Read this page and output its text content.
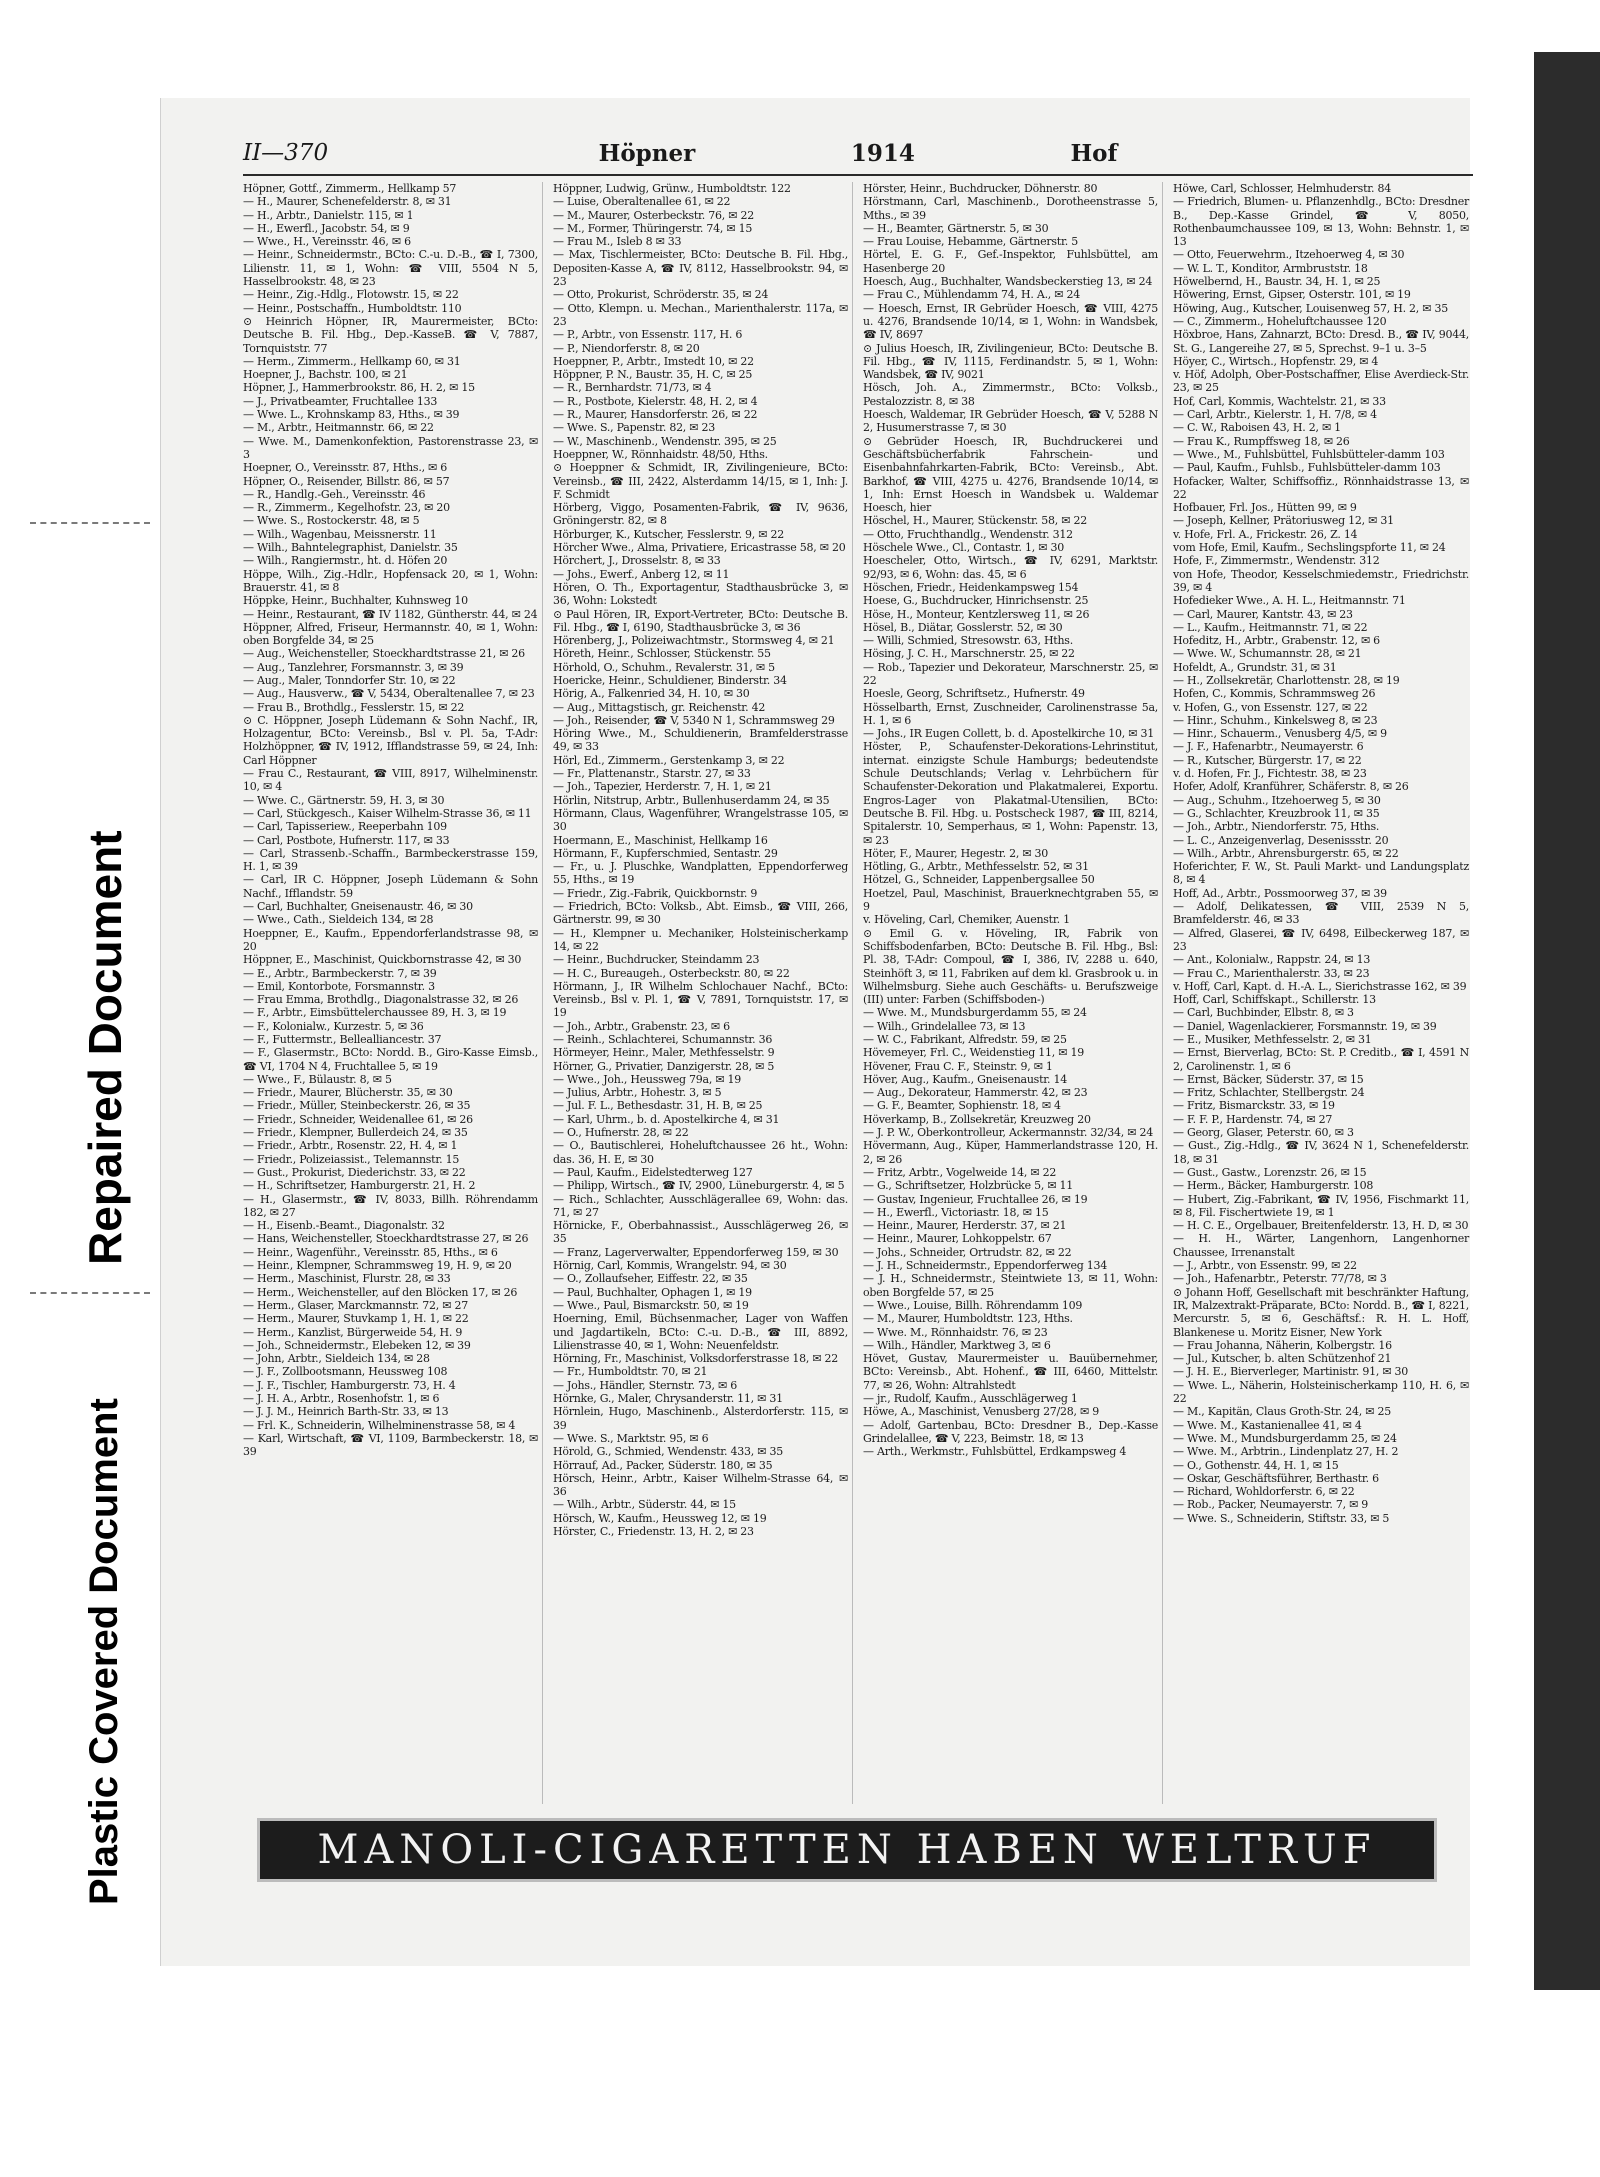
II—370	Höpner	1914	Hof
Höpner, Gottf., Zimmerm., Hellkamp 57
— H., Maurer, Schenefelderstr. 8, ✉ 31
— H., Arbtr., Danielstr. 115, ✉ 1
— H., Ewerfl., Jacobstr. 54, ✉ 9
— Wwe., H., Vereinsstr. 46, ✉ 6
— Heinr., Schneidermstr., BCto: C.-u. D.-B., ☎ I, 7300, Lilienstr. 11, ✉ 1, Wohn: ☎ VIII, 5504 N 5, Hasselbrookstr. 48, ✉ 23
— Heinr., Zig.-Hdlg., Flotowstr. 15, ✉ 22
— Heinr., Postschaffn., Humboldtstr. 110
⊙ Heinrich Höpner, IR, Maurermeister, BCto: Deutsche B. Fil. Hbg., Dep.-KasseB. ☎ V, 7887, Tornquiststr. 77
— Herm., Zimmerm., Hellkamp 60, ✉ 31
Hoepner, J., Bachstr. 100, ✉ 21
Höpner, J., Hammerbrookstr. 86, H. 2, ✉ 15
— J., Privatbeamter, Fruchtallee 133
— Wwe. L., Krohnskamp 83, Hths., ✉ 39
— M., Arbtr., Heitmannstr. 66, ✉ 22
— Wwe. M., Damenkonfektion, Pastorenstrasse 23, ✉ 3
Hoepner, O., Vereinsstr. 87, Hths., ✉ 6
Höpner, O., Reisender, Billstr. 86, ✉ 57
— R., Handlg.-Geh., Vereinsstr. 46
— R., Zimmerm., Kegelhofstr. 23, ✉ 20
— Wwe. S., Rostockerstr. 48, ✉ 5
— Wilh., Wagenbau, Meissnerstr. 11
— Wilh., Bahntelegraphist, Danielstr. 35
— Wilh., Rangiermstr., ht. d. Höfen 20
Höppe, Wilh., Zig.-Hdlr., Hopfensack 20, ✉ 1, Wohn: Brauerstr. 41, ✉ 8
Höppke, Heinr., Buchhalter, Kuhnsweg 10
— Heinr., Restaurant, ☎ IV 1182, Güntherstr. 44, ✉ 24
Höppner, Alfred, Friseur, Hermannstr. 40, ✉ 1, Wohn: oben Borgfelde 34, ✉ 25
— Aug., Weichensteller, Stoeckhardtstrasse 21, ✉ 26
— Aug., Tanzlehrer, Forsmannstr. 3, ✉ 39
— Aug., Maler, Tonndorfer Str. 10, ✉ 22
— Aug., Hausverw., ☎ V, 5434, Oberaltenallee 7, ✉ 23
— Frau B., Brothdlg., Fesslerstr. 15, ✉ 22
⊙ C. Höppner, Joseph Lüdemann & Sohn Nachf., IR, Holzagentur, BCto: Vereinsb., Bsl v. Pl. 5a, T-Adr: Holzhöppner, ☎ IV, 1912, Ifflandstrasse 59, ✉ 24, Inh: Carl Höppner
— Frau C., Restaurant, ☎ VIII, 8917, Wilhelminenstr. 10, ✉ 4
— Wwe. C., Gärtnerstr. 59, H. 3, ✉ 30
— Carl, Stückgesch., Kaiser Wilhelm-Strasse 36, ✉ 11
— Carl, Tapisseriew., Reeperbahn 109
— Carl, Postbote, Hufnerstr. 117, ✉ 33
— Carl, Strassenb.-Schaffn., Barmbeckerstrasse 159, H. 1, ✉ 39
— Carl, IR C. Höppner, Joseph Lüdemann & Sohn Nachf., Ifflandstr. 59
— Carl, Buchhalter, Gneisenaustr. 46, ✉ 30
— Wwe., Cath., Sieldeich 134, ✉ 28
Hoeppner, E., Kaufm., Eppendorferlandstrasse 98, ✉ 20
Höppner, E., Maschinist, Quickbornstrasse 42, ✉ 30
— E., Arbtr., Barmbeckerstr. 7, ✉ 39
— Emil, Kontorbote, Forsmannstr. 3
— Frau Emma, Brothdlg., Diagonalstrasse 32, ✉ 26
— F., Arbtr., Eimsbüttelerchaussee 89, H. 3, ✉ 19
— F., Kolonialw., Kurzestr. 5, ✉ 36
— F., Futtermstr., Bellealliancestr. 37
— F., Glasermstr., BCto: Nordd. B., Giro-Kasse Eimsb., ☎ VI, 1704 N 4, Fruchtallee 5, ✉ 19
— Wwe., F., Bülaustr. 8, ✉ 5
— Friedr., Maurer, Blücherstr. 35, ✉ 30
— Friedr., Müller, Steinbeckerstr. 26, ✉ 35
— Friedr., Schneider, Weidenallee 61, ✉ 26
— Friedr., Klempner, Bullerdeich 24, ✉ 35
— Friedr., Arbtr., Rosenstr. 22, H. 4, ✉ 1
— Friedr., Polizeiassist., Telemannstr. 15
— Gust., Prokurist, Diederichstr. 33, ✉ 22
— H., Schriftsetzer, Hamburgerstr. 21, H. 2
— H., Glasermstr., ☎ IV, 8033, Billh. Röhrendamm 182, ✉ 27
— H., Eisenb.-Beamt., Diagonalstr. 32
— Hans, Weichensteller, Stoeckhardtstrasse 27, ✉ 26
— Heinr., Wagenführ., Vereinsstr. 85, Hths., ✉ 6
— Heinr., Klempner, Schrammsweg 19, H. 9, ✉ 20
— Herm., Maschinist, Flurstr. 28, ✉ 33
— Herm., Weichensteller, auf den Blöcken 17, ✉ 26
— Herm., Glaser, Marckmannstr. 72, ✉ 27
— Herm., Maurer, Stuvkamp 1, H. 1, ✉ 22
— Herm., Kanzlist, Bürgerweide 54, H. 9
— Joh., Schneidermstr., Elebeken 12, ✉ 39
— John, Arbtr., Sieldeich 134, ✉ 28
— J. F., Zollbootsmann, Heussweg 108
— J. F., Tischler, Hamburgerstr. 73, H. 4
— J. H. A., Arbtr., Rosenhofstr. 1, ✉ 6
— J. J. M., Heinrich Barth-Str. 33, ✉ 13
— Frl. K., Schneiderin, Wilhelminenstrasse 58, ✉ 4
— Karl, Wirtschaft, ☎ VI, 1109, Barmbeckerstr. 18, ✉ 39
Höppner, Ludwig, Grünw., Humboldtstr. 122
— Luise, Oberaltenallee 61, ✉ 22
— M., Maurer, Osterbeckstr. 76, ✉ 22
— M., Former, Thüringerstr. 74, ✉ 15
— Frau M., Isleb 8 ✉ 33
— Max, Tischlermeister, BCto: Deutsche B. Fil. Hbg., Depositen-Kasse A, ☎ IV, 8112, Hasselbrookstr. 94, ✉ 23
— Otto, Prokurist, Schröderstr. 35, ✉ 24
— Otto, Klempn. u. Mechan., Marienthalerstr. 117a, ✉ 23
— P., Arbtr., von Essenstr. 117, H. 6
— P., Niendorferstr. 8, ✉ 20
Hoeppner, P., Arbtr., Imstedt 10, ✉ 22
Höppner, P. N., Baustr. 35, H. C, ✉ 25
— R., Bernhardstr. 71/73, ✉ 4
— R., Postbote, Kielerstr. 48, H. 2, ✉ 4
— R., Maurer, Hansdorferstr. 26, ✉ 22
— Wwe. S., Papenstr. 82, ✉ 23
— W., Maschinenb., Wendenstr. 395, ✉ 25
Hoeppner, W., Rönnhaidstr. 48/50, Hths.
⊙ Hoeppner & Schmidt, IR, Zivilingenieure, BCto: Vereinsb., ☎ III, 2422, Alsterdamm 14/15, ✉ 1, Inh: J. F. Schmidt
Hörberg, Viggo, Posamenten-Fabrik, ☎ IV, 9636, Gröningerstr. 82, ✉ 8
Hörburger, K., Kutscher, Fesslerstr. 9, ✉ 22
Hörcher Wwe., Alma, Privatiere, Ericastrasse 58, ✉ 20
Hörchert, J., Drosselstr. 8, ✉ 33
— Johs., Ewerf., Anberg 12, ✉ 11
Hören, O. Th., Exportagentur, Stadthausbrücke 3, ✉ 36, Wohn: Lokstedt
⊙ Paul Hören, IR, Export-Vertreter, BCto: Deutsche B. Fil. Hbg., ☎ I, 6190, Stadthausbrücke 3, ✉ 36
Hörenberg, J., Polizeiwachtmstr., Stormsweg 4, ✉ 21
Höreth, Heinr., Schlosser, Stückenstr. 55
Hörhold, O., Schuhm., Revalerstr. 31, ✉ 5
Hoericke, Heinr., Schuldiener, Binderstr. 34
Hörig, A., Falkenried 34, H. 10, ✉ 30
— Aug., Mittagstisch, gr. Reichenstr. 42
— Joh., Reisender, ☎ V, 5340 N 1, Schrammsweg 29
Höring Wwe., M., Schuldienerin, Bramfelderstrasse 49, ✉ 33
Hörl, Ed., Zimmerm., Gerstenkamp 3, ✉ 22
— Fr., Plattenanstr., Starstr. 27, ✉ 33
— Joh., Tapezier, Herderstr. 7, H. 1, ✉ 21
Hörlin, Nitstrup, Arbtr., Bullenhuserdamm 24, ✉ 35
Hörmann, Claus, Wagenführer, Wrangelstrasse 105, ✉ 30
Hoermann, E., Maschinist, Hellkamp 16
Hörmann, F., Kupferschmied, Sentastr. 29
— Fr., u. J. Pluschke, Wandplatten, Eppendorferweg 55, Hths., ✉ 19
— Friedr., Zig.-Fabrik, Quickbornstr. 9
— Friedrich, BCto: Volksb., Abt. Eimsb., ☎ VIII, 266, Gärtnerstr. 99, ✉ 30
— H., Klempner u. Mechaniker, Holsteinischerkamp 14, ✉ 22
— Heinr., Buchdrucker, Steindamm 23
— H. C., Bureaugeh., Osterbeckstr. 80, ✉ 22
Hörmann, J., IR Wilhelm Schlochauer Nachf., BCto: Vereinsb., Bsl v. Pl. 1, ☎ V, 7891, Tornquiststr. 17, ✉ 19
— Joh., Arbtr., Grabenstr. 23, ✉ 6
— Reinh., Schlachterei, Schumannstr. 36
Hörmeyer, Heinr., Maler, Methfesselstr. 9
Hörner, G., Privatier, Danzigerstr. 28, ✉ 5
— Wwe., Joh., Heussweg 79a, ✉ 19
— Julius, Arbtr., Hohestr. 3, ✉ 5
— Jul. F. L., Bethesdastr. 31, H. B, ✉ 25
— Karl, Uhrm., b. d. Apostelkirche 4, ✉ 31
— O., Hufnerstr. 28, ✉ 22
— O., Bautischlerei, Hoheluftchaussee 26 ht., Wohn: das. 36, H. E, ✉ 30
— Paul, Kaufm., Eidelstedterweg 127
— Philipp, Wirtsch., ☎ IV, 2900, Lüneburgerstr. 4, ✉ 5
— Rich., Schlachter, Ausschlägerallee 69, Wohn: das. 71, ✉ 27
Hörnicke, F., Oberbahnassist., Ausschlägerweg 26, ✉ 35
— Franz, Lagerverwalter, Eppendorferweg 159, ✉ 30
Hörnig, Carl, Kommis, Wrangelstr. 94, ✉ 30
— O., Zollaufseher, Eiffestr. 22, ✉ 35
— Paul, Buchhalter, Ophagen 1, ✉ 19
— Wwe., Paul, Bismarckstr. 50, ✉ 19
Hoerning, Emil, Büchsenmacher, Lager von Waffen und Jagdartikeln, BCto: C.-u. D.-B., ☎ III, 8892, Lilienstrasse 40, ✉ 1, Wohn: Neuenfeldstr.
Hörning, Fr., Maschinist, Volksdorferstrasse 18, ✉ 22
— Fr., Humboldtstr. 70, ✉ 21
— Johs., Händler, Sternstr. 73, ✉ 6
Hörnke, G., Maler, Chrysanderstr. 11, ✉ 31
Hörnlein, Hugo, Maschinenb., Alsterdorferstr. 115, ✉ 39
— Wwe. S., Marktstr. 95, ✉ 6
Hörold, G., Schmied, Wendenstr. 433, ✉ 35
Hörrauf, Ad., Packer, Süderstr. 180, ✉ 35
Hörsch, Heinr., Arbtr., Kaiser Wilhelm-Strasse 64, ✉ 36
— Wilh., Arbtr., Süderstr. 44, ✉ 15
Hörsch, W., Kaufm., Heussweg 12, ✉ 19
Hörster, C., Friedenstr. 13, H. 2, ✉ 23
Hörster, Heinr., Buchdrucker, Döhnerstr. 80
Hörstmann, Carl, Maschinenb., Dorotheenstrasse 5, Mths., ✉ 39
— H., Beamter, Gärtnerstr. 5, ✉ 30
— Frau Louise, Hebamme, Gärtnerstr. 5
Hörtel, E. G. F., Gef.-Inspektor, Fuhlsbüttel, am Hasenberge 20
Hoesch, Aug., Buchhalter, Wandsbeckerstieg 13, ✉ 24
— Frau C., Mühlendamm 74, H. A., ✉ 24
— Hoesch, Ernst, IR Gebrüder Hoesch, ☎ VIII, 4275 u. 4276, Brandsende 10/14, ✉ 1, Wohn: in Wandsbek, ☎ IV, 8697
⊙ Julius Hoesch, IR, Zivilingenieur, BCto: Deutsche B. Fil. Hbg., ☎ IV, 1115, Ferdinandstr. 5, ✉ 1, Wohn: Wandsbek, ☎ IV, 9021
Hösch, Joh. A., Zimmermstr., BCto: Volksb., Pestalozzistr. 8, ✉ 38
Hoesch, Waldemar, IR Gebrüder Hoesch, ☎ V, 5288 N 2, Husumerstrasse 7, ✉ 30
⊙ Gebrüder Hoesch, IR, Buchdruckerei und Geschäftsbücherfabrik Fahrschein- und Eisenbahnfahrkarten-Fabrik, BCto: Vereinsb., Abt. Barkhof, ☎ VIII, 4275 u. 4276, Brandsende 10/14, ✉ 1, Inh: Ernst Hoesch in Wandsbek u. Waldemar Hoesch, hier
Höschel, H., Maurer, Stückenstr. 58, ✉ 22
— Otto, Fruchthandlg., Wendenstr. 312
Höschele Wwe., Cl., Contastr. 1, ✉ 30
Hoescheler, Otto, Wirtsch., ☎ IV, 6291, Marktstr. 92/93, ✉ 6, Wohn: das. 45, ✉ 6
Höschen, Friedr., Heidenkampsweg 154
Hoese, G., Buchdrucker, Hinrichsenstr. 25
Höse, H., Monteur, Kentzlersweg 11, ✉ 26
Hösel, B., Diätar, Gosslerstr. 52, ✉ 30
— Willi, Schmied, Stresowstr. 63, Hths.
Hösing, J. C. H., Marschnerstr. 25, ✉ 22
— Rob., Tapezier und Dekorateur, Marschnerstr. 25, ✉ 22
Hoesle, Georg, Schriftsetz., Hufnerstr. 49
Hösselbarth, Ernst, Zuschneider, Carolinenstrasse 5a, H. 1, ✉ 6
— Johs., IR Eugen Collett, b. d. Apostelkirche 10, ✉ 31
Höster, P., Schaufenster-Dekorations-Lehrinstitut, internat. einzigste Schule Hamburgs; bedeutendste Schule Deutschlands; Verlag v. Lehrbüchern für Schaufenster-Dekoration und Plakatmalerei, Exportu. Engros-Lager von Plakatmal-Utensilien, BCto: Deutsche B. Fil. Hbg. u. Postscheck 1987, ☎ III, 8214, Spitalerstr. 10, Semperhaus, ✉ 1, Wohn: Papenstr. 13, ✉ 23
Höter, F., Maurer, Hegestr. 2, ✉ 30
Hötling, G., Arbtr., Methfesselstr. 52, ✉ 31
Hötzel, G., Schneider, Lappenbergsallee 50
Hoetzel, Paul, Maschinist, Brauerknechtgraben 55, ✉ 9
v. Höveling, Carl, Chemiker, Auenstr. 1
⊙ Emil G. v. Höveling, IR, Fabrik von Schiffsbodenfarben, BCto: Deutsche B. Fil. Hbg., Bsl: Pl. 38, T-Adr: Compoul, ☎ I, 386, IV, 2288 u. 640, Steinhöft 3, ✉ 11, Fabriken auf dem kl. Grasbrook u. in Wilhelmsburg. Siehe auch Geschäfts- u. Berufszweige (III) unter: Farben (Schiffsboden-)
— Wwe. M., Mundsburgerdamm 55, ✉ 24
— Wilh., Grindelallee 73, ✉ 13
— W. C., Fabrikant, Alfredstr. 59, ✉ 25
Hövemeyer, Frl. C., Weidenstieg 11, ✉ 19
Hövener, Frau C. F., Steinstr. 9, ✉ 1
Höver, Aug., Kaufm., Gneisenaustr. 14
— Aug., Dekorateur, Hammerstr. 42, ✉ 23
— G. F., Beamter, Sophienstr. 18, ✉ 4
Höverkamp, B., Zollsekretär, Kreuzweg 20
— J. P. W., Oberkontrolleur, Ackermannstr. 32/34, ✉ 24
Hövermann, Aug., Küper, Hammerlandstrasse 120, H. 2, ✉ 26
— Fritz, Arbtr., Vogelweide 14, ✉ 22
— G., Schriftsetzer, Holzbrücke 5, ✉ 11
— Gustav, Ingenieur, Fruchtallee 26, ✉ 19
— H., Ewerfl., Victoriastr. 18, ✉ 15
— Heinr., Maurer, Herderstr. 37, ✉ 21
— Heinr., Maurer, Lohkoppelstr. 67
— Johs., Schneider, Ortrudstr. 82, ✉ 22
— J. H., Schneidermstr., Eppendorferweg 134
— J. H., Schneidermstr., Steintwiete 13, ✉ 11, Wohn: oben Borgfelde 57, ✉ 25
— Wwe., Louise, Billh. Röhrendamm 109
— M., Maurer, Humboldtstr. 123, Hths.
— Wwe. M., Rönnhaidstr. 76, ✉ 23
— Wilh., Händler, Marktweg 3, ✉ 6
Hövet, Gustav, Maurermeister u. Bauübernehmer, BCto: Vereinsb., Abt. Hohenf., ☎ III, 6460, Mittelstr. 77, ✉ 26, Wohn: Altrahlstedt
— jr., Rudolf, Kaufm., Ausschlägerweg 1
Höwe, A., Maschinist, Venusberg 27/28, ✉ 9
— Adolf, Gartenbau, BCto: Dresdner B., Dep.-Kasse Grindelallee, ☎ V, 223, Beimstr. 18, ✉ 13
— Arth., Werkmstr., Fuhlsbüttel, Erdkampsweg 4
Höwe, Carl, Schlosser, Helmhuderstr. 84
— Friedrich, Blumen- u. Pflanzenhdlg., BCto: Dresdner B., Dep.-Kasse Grindel, ☎ V, 8050, Rothenbaumchaussee 109, ✉ 13, Wohn: Behnstr. 1, ✉ 13
— Otto, Feuerwehrm., Itzehoerweg 4, ✉ 30
— W. L. T., Konditor, Armbruststr. 18
Höwelbernd, H., Baustr. 34, H. 1, ✉ 25
Höwering, Ernst, Gipser, Osterstr. 101, ✉ 19
Höwing, Aug., Kutscher, Louisenweg 57, H. 2, ✉ 35
— C., Zimmerm., Hoheluftchaussee 120
Höxbroe, Hans, Zahnarzt, BCto: Dresd. B., ☎ IV, 9044, St. G., Langereihe 27, ✉ 5, Sprechst. 9–1 u. 3–5
Höyer, C., Wirtsch., Hopfenstr. 29, ✉ 4
v. Höf, Adolph, Ober-Postschaffner, Elise Averdieck-Str. 23, ✉ 25
Hof, Carl, Kommis, Wachtelstr. 21, ✉ 33
— Carl, Arbtr., Kielerstr. 1, H. 7/8, ✉ 4
— C. W., Raboisen 43, H. 2, ✉ 1
— Frau K., Rumpffsweg 18, ✉ 26
— Wwe., M., Fuhlsbüttel, Fuhlsbütteler-damm 103
— Paul, Kaufm., Fuhlsb., Fuhlsbütteler-damm 103
Hofacker, Walter, Schiffsoffiz., Rönnhaidstrasse 13, ✉ 22
Hofbauer, Frl. Jos., Hütten 99, ✉ 9
— Joseph, Kellner, Prätoriusweg 12, ✉ 31
v. Hofe, Frl. A., Frickestr. 26, Z. 14
vom Hofe, Emil, Kaufm., Sechslingspforte 11, ✉ 24
Hofe, F., Zimmermstr., Wendenstr. 312
von Hofe, Theodor, Kesselschmiedemstr., Friedrichstr. 39, ✉ 4
Hofedieker Wwe., A. H. L., Heitmannstr. 71
— Carl, Maurer, Kantstr. 43, ✉ 23
— L., Kaufm., Heitmannstr. 71, ✉ 22
Hofeditz, H., Arbtr., Grabenstr. 12, ✉ 6
— Wwe. W., Schumannstr. 28, ✉ 21
Hofeldt, A., Grundstr. 31, ✉ 31
— H., Zollsekretär, Charlottenstr. 28, ✉ 19
Hofen, C., Kommis, Schrammsweg 26
v. Hofen, G., von Essenstr. 127, ✉ 22
— Hinr., Schuhm., Kinkelsweg 8, ✉ 23
— Hinr., Schauerm., Venusberg 4/5, ✉ 9
— J. F., Hafenarbtr., Neumayerstr. 6
— R., Kutscher, Bürgerstr. 17, ✉ 22
v. d. Hofen, Fr. J., Fichtestr. 38, ✉ 23
Hofer, Adolf, Kranführer, Schäferstr. 8, ✉ 26
— Aug., Schuhm., Itzehoerweg 5, ✉ 30
— G., Schlachter, Kreuzbrook 11, ✉ 35
— Joh., Arbtr., Niendorferstr. 75, Hths.
— L. C., Anzeigenverlag, Desenissstr. 20
— Wilh., Arbtr., Ahrensburgerstr. 65, ✉ 22
Hoferichter, F. W., St. Pauli Markt- und Landungsplatz 8, ✉ 4
Hoff, Ad., Arbtr., Possmoorweg 37, ✉ 39
— Adolf, Delikatessen, ☎ VIII, 2539 N 5, Bramfelderstr. 46, ✉ 33
— Alfred, Glaserei, ☎ IV, 6498, Eilbeckerweg 187, ✉ 23
— Ant., Kolonialw., Rappstr. 24, ✉ 13
— Frau C., Marienthalerstr. 33, ✉ 23
v. Hoff, Carl, Kapt. d. H.-A. L., Sierichstrasse 162, ✉ 39
Hoff, Carl, Schiffskapt., Schillerstr. 13
— Carl, Buchbinder, Elbstr. 8, ✉ 3
— Daniel, Wagenlackierer, Forsmannstr. 19, ✉ 39
— E., Musiker, Methfesselstr. 2, ✉ 31
— Ernst, Bierverlag, BCto: St. P. Creditb., ☎ I, 4591 N 2, Carolinenstr. 1, ✉ 6
— Ernst, Bäcker, Süderstr. 37, ✉ 15
— Fritz, Schlachter, Stellbergstr. 24
— Fritz, Bismarckstr. 33, ✉ 19
— F. F. P., Hardenstr. 74, ✉ 27
— Georg, Glaser, Peterstr. 60, ✉ 3
— Gust., Zig.-Hdlg., ☎ IV, 3624 N 1, Schenefelderstr. 18, ✉ 31
— Gust., Gastw., Lorenzstr. 26, ✉ 15
— Herm., Bäcker, Hamburgerstr. 108
— Hubert, Zig.-Fabrikant, ☎ IV, 1956, Fischmarkt 11, ✉ 8, Fil. Fischertwiete 19, ✉ 1
— H. C. E., Orgelbauer, Breitenfelderstr. 13, H. D, ✉ 30
— H. H., Wärter, Langenhorn, Langenhorner Chaussee, Irrenanstalt
— J., Arbtr., von Essenstr. 99, ✉ 22
— Joh., Hafenarbtr., Peterstr. 77/78, ✉ 3
⊙ Johann Hoff, Gesellschaft mit beschränkter Haftung, IR, Malzextrakt-Präparate, BCto: Nordd. B., ☎ I, 8221, Mercurstr. 5, ✉ 6, Geschäftsf.: R. H. L. Hoff, Blankenese u. Moritz Eisner, New York
— Frau Johanna, Näherin, Kolbergstr. 16
— Jul., Kutscher, b. alten Schützenhof 21
— J. H. E., Bierverleger, Martinistr. 91, ✉ 30
— Wwe. L., Näherin, Holsteinischerkamp 110, H. 6, ✉ 22
— M., Kapitän, Claus Groth-Str. 24, ✉ 25
— Wwe. M., Kastanienallee 41, ✉ 4
— Wwe. M., Mundsburgerdamm 25, ✉ 24
— Wwe. M., Arbtrin., Lindenplatz 27, H. 2
— O., Gothenstr. 44, H. 1, ✉ 15
— Oskar, Geschäftsführer, Berthastr. 6
— Richard, Wohldorferstr. 6, ✉ 22
— Rob., Packer, Neumayerstr. 7, ✉ 9
— Wwe. S., Schneiderin, Stiftstr. 33, ✉ 5
MANOLI-CIGARETTEN HABEN WELTRUF
